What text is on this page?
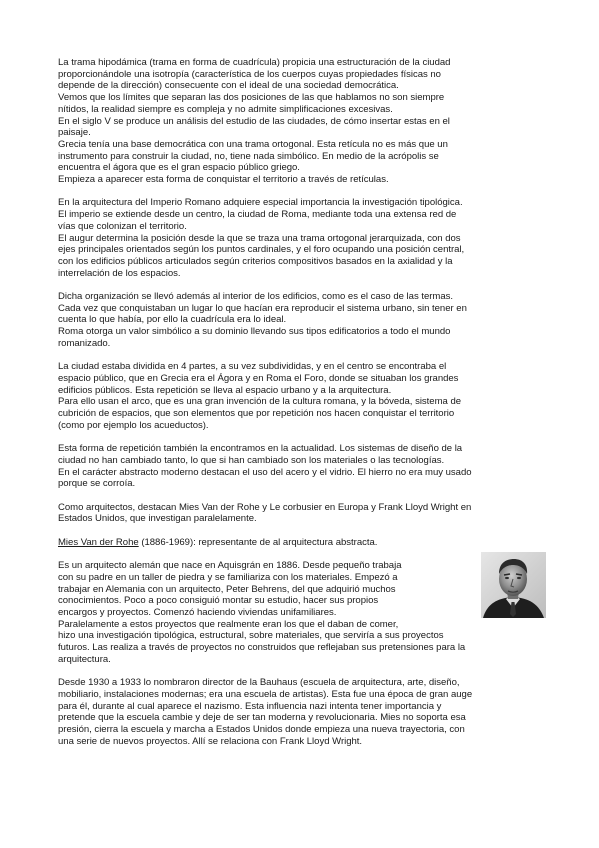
La trama hipodámica (trama en forma de cuadrícula) propicia una estructuración de la ciudad
proporcionándole una isotropía (característica de los cuerpos cuyas propiedades físicas no
depende de la dirección) consecuente con el ideal de una sociedad democrática.
Vemos que los límites que separan las dos posiciones de las que hablamos no son siempre
nítidos, la realidad siempre es compleja y no admite simplificaciones excesivas.
En el siglo V se produce un análisis del estudio de las ciudades, de cómo insertar estas en el
paisaje.
Grecia tenía una base democrática con una trama ortogonal. Esta retícula no es más que un
instrumento para construir la ciudad, no, tiene nada simbólico. En medio de la acrópolis se
encuentra el ágora que es el gran espacio público griego.
Empieza a aparecer esta forma de conquistar el territorio a través de retículas.

En la arquitectura del Imperio Romano adquiere especial importancia la investigación tipológica.
El imperio se extiende desde un centro, la ciudad de Roma, mediante toda una extensa red de
vías que colonizan el territorio.
El augur determina la posición desde la que se traza una trama ortogonal jerarquizada, con dos
ejes principales orientados según los puntos cardinales, y el foro ocupando una posición central,
con los edificios públicos articulados según criterios compositivos basados en la axialidad y la
interrelación de los espacios.

Dicha organización se llevó además al interior de los edificios, como es el caso de las termas.
Cada vez que conquistaban un lugar lo que hacían era reproducir el sistema urbano, sin tener en
cuenta lo que había, por ello la cuadrícula era lo ideal.
Roma otorga un valor simbólico a su dominio llevando sus tipos edificatorios a todo el mundo
romanizado.

La ciudad estaba dividida en 4 partes, a su vez subdivididas, y en el centro se encontraba el
espacio público, que en Grecia era el Ágora y en Roma el Foro, donde se situaban los grandes
edificios públicos. Esta repetición se lleva al espacio urbano y a la arquitectura.
Para ello usan el arco, que es una gran invención de la cultura romana, y la bóveda, sistema de
cubrición de espacios, que son elementos que por repetición nos hacen conquistar el territorio
(como por ejemplo los acueductos).

Esta forma de repetición también la encontramos en la actualidad. Los sistemas de diseño de la
ciudad no han cambiado tanto, lo que si han cambiado son los materiales o las tecnologías.
En el carácter abstracto moderno destacan el uso del acero y el vidrio. El hierro no era muy usado
porque se corroía.

Como arquitectos, destacan Mies Van der Rohe y Le corbusier en Europa y Frank Lloyd Wright en
Estados Unidos, que investigan paralelamente.

Mies Van der Rohe (1886-1969): representante de al arquitectura abstracta.

Es un arquitecto alemán que nace en Aquisgrán en 1886. Desde pequeño trabaja
con su padre en un taller de piedra y se familiariza con los materiales. Empezó a
trabajar en Alemania con un arquitecto, Peter Behrens, del que adquirió muchos
conocimientos. Poco a poco consiguió montar su estudio, hacer sus propios
encargos y proyectos. Comenzó haciendo viviendas unifamiliares.
Paralelamente a estos proyectos que realmente eran los que el daban de comer,
hizo una investigación tipológica, estructural, sobre materiales, que serviría a sus proyectos
futuros. Las realiza a través de proyectos no construidos que reflejaban sus pretensiones para la
arquitectura.

Desde 1930 a 1933 lo nombraron director de la Bauhaus (escuela de arquitectura, arte, diseño,
mobiliario, instalaciones modernas; era una escuela de artistas). Esta fue una época de gran auge
para él, durante al cual aparece el nazismo. Esta influencia nazi intenta tener importancia y
pretende que la escuela cambie y deje de ser tan moderna y revolucionaria. Mies no soporta esa
presión, cierra la escuela y marcha a Estados Unidos donde empieza una nueva trayectoria, con
una serie de nuevos proyectos. Allí se relaciona con Frank Lloyd Wright.
